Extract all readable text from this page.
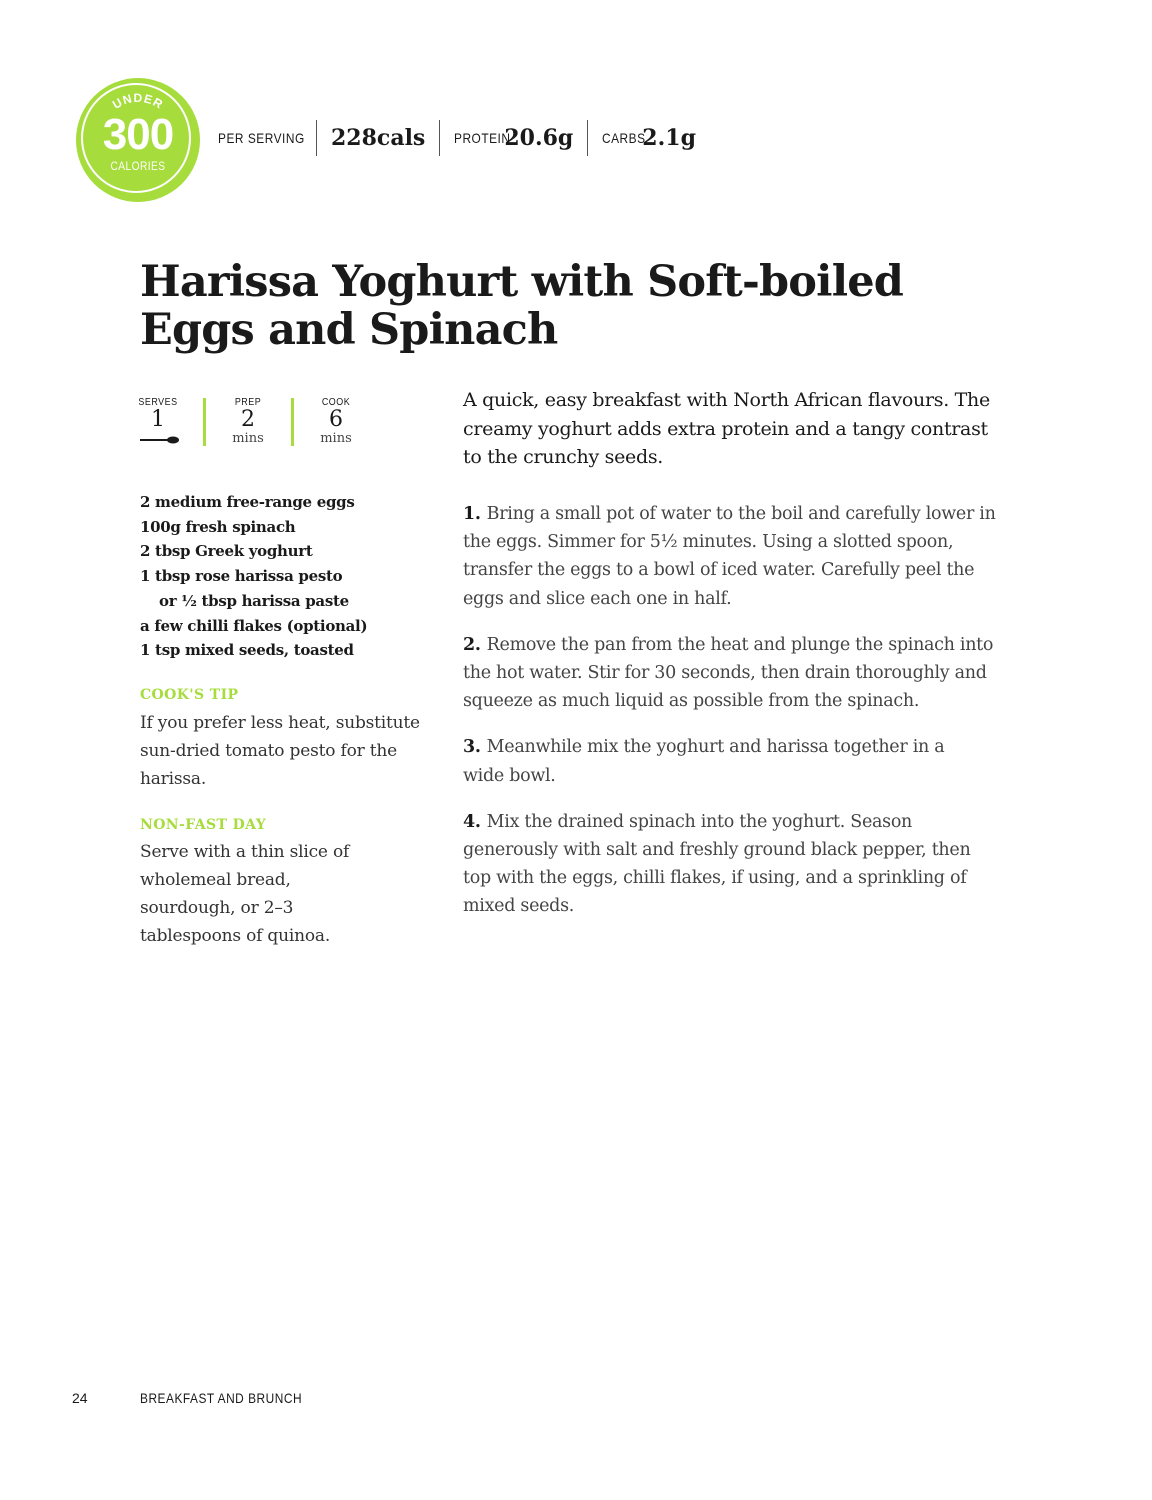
UNDER
300
CALORIES
PER SERVING 228cals PROTEIN
20.6g CARBS
2.1g
Harissa Yoghurt with Soft-boiled Eggs and Spinach
SERVES
1
PREP
2
mins
COOK
6
mins
2 medium free-range eggs
100g fresh spinach
2 tbsp Greek yoghurt
1 tbsp rose harissa pesto
or ½ tbsp harissa paste
a few chilli flakes (optional)
1 tsp mixed seeds, toasted
COOK'S TIP
If you prefer less heat, substitute sun-dried tomato pesto for the harissa.
NON-FAST DAY
Serve with a thin slice of wholemeal bread, sourdough, or 2–3 tablespoons of quinoa.

A quick, easy breakfast with North African flavours. The creamy yoghurt adds extra protein and a tangy contrast to the crunchy seeds.

1. Bring a small pot of water to the boil and carefully lower in the eggs. Simmer for 5½ minutes. Using a slotted spoon, transfer the eggs to a bowl of iced water. Carefully peel the eggs and slice each one in half.

2. Remove the pan from the heat and plunge the spinach into the hot water. Stir for 30 seconds, then drain thoroughly and squeeze as much liquid as possible from the spinach.

3. Meanwhile mix the yoghurt and harissa together in a wide bowl.

4. Mix the drained spinach into the yoghurt. Season generously with salt and freshly ground black pepper, then top with the eggs, chilli flakes, if using, and a sprinkling of mixed seeds.

24	BREAKFAST AND BRUNCH
